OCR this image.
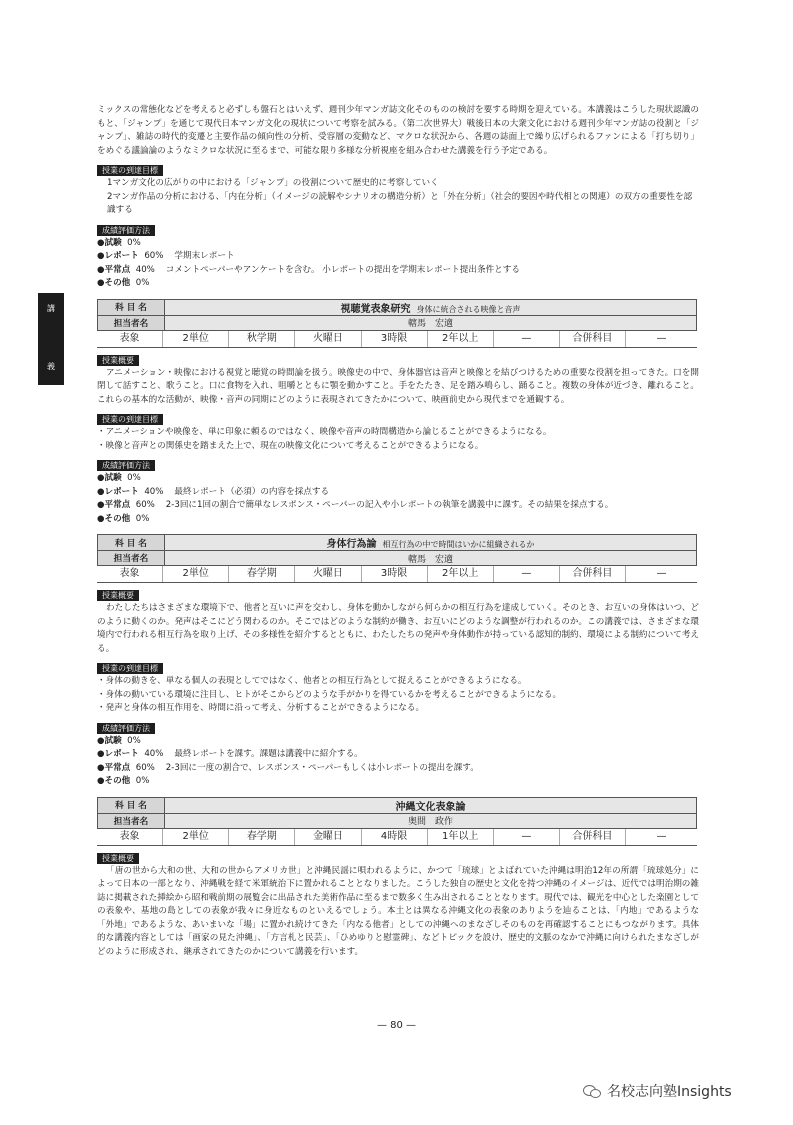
講
義

ミックスの常態化などを考えると必ずしも盤石とはいえず、週刊少年マンガ誌文化そのものの検討を要する時期を迎えている。本講義はこうした現状認識のもと、「ジャンプ」を通じて現代日本マンガ文化の現状について考察を試みる。（第二次世界大）戦後日本の大衆文化における週刊少年マンガ誌の役割と「ジャンプ」、雑誌の時代的変遷と主要作品の傾向性の分析、受容層の変動など、マクロな状況から、各週の誌面上で繰り広げられるファンによる「打ち切り」をめぐる議論論のようなミクロな状況に至るまで、可能な限り多様な分析視座を組み合わせた講義を行う予定である。

授業の到達目標

1マンガ文化の広がりの中における「ジャンプ」の役割について歴史的に考察していく

2マンガ作品の分析における、「内在分析」（イメージの読解やシナリオの構造分析）と「外在分析」（社会的要因や時代相との関連）の双方の重要性を認識する

成績評価方法

●試験 0%

●レポート 60% 学期末レポート

●平常点 40% コメントペーパーやアンケートを含む。 小レポートの提出を学期末レポート提出条件とする

●その他 0%

科 目 名	視聴覚表象研究 身体に統合される映像と音声
担当者名	轄馬　宏適
表象	2単位	秋学期	火曜日	3時限	2年以上	—	合併科目	—
授業概要

アニメーション・映像における視覚と聴覚の時間論を扱う。映像史の中で、身体器官は音声と映像とを結びつけるための重要な役割を担ってきた。口を開閉して話すこと、歌うこと。口に食物を入れ、咀嚼とともに顎を動かすこと。手をたたき、足を踏み鳴らし、踊ること。複数の身体が近づき、離れること。これらの基本的な活動が、映像・音声の同期にどのように表現されてきたかについて、映画前史から現代までを通観する。

授業の到達目標

・アニメーションや映像を、単に印象に頼るのではなく、映像や音声の時間構造から論じることができるようになる。

・映像と音声との関係史を踏まえた上で、現在の映像文化について考えることができるようになる。

成績評価方法

●試験 0%

●レポート 40% 最終レポート（必須）の内容を採点する

●平常点 60% 2-3回に1回の割合で簡単なレスポンス・ペーパーの記入や小レポートの執筆を講義中に課す。その結果を採点する。

●その他 0%

科 目 名	身体行為論 相互行為の中で時間はいかに組織されるか
担当者名	轄馬　宏適
表象	2単位	春学期	火曜日	3時限	2年以上	—	合併科目	—
授業概要

わたしたちはさまざまな環境下で、他者と互いに声を交わし、身体を動かしながら何らかの相互行為を達成していく。そのとき、お互いの身体はいつ、どのように動くのか。発声はそこにどう関わるのか。そこではどのような制約が働き、お互いにどのような調整が行われるのか。この講義では、さまざまな環境内で行われる相互行為を取り上げ、その多様性を紹介するとともに、わたしたちの発声や身体動作が持っている認知的制約、環境による制約について考える。

授業の到達目標

・身体の動きを、単なる個人の表現としてではなく、他者との相互行為として捉えることができるようになる。

・身体の動いている環境に注目し、ヒトがそこからどのような手がかりを得ているかを考えることができるようになる。

・発声と身体の相互作用を、時間に沿って考え、分析することができるようになる。

成績評価方法

●試験 0%

●レポート 40% 最終レポートを課す。課題は講義中に紹介する。

●平常点 60% 2-3回に一度の割合で、レスポンス・ペーパーもしくは小レポートの提出を課す。

●その他 0%

科 目 名	沖縄文化表象論
担当者名	奥間　政作
表象	2単位	春学期	金曜日	4時限	1年以上	—	合併科目	—
授業概要

「唐の世から大和の世、大和の世からアメリカ世」と沖縄民謡に唄われるように、かつて「琉球」とよばれていた沖縄は明治12年の所謂「琉球処分」によって日本の一部となり、沖縄戦を経て米軍統治下に置かれることとなりました。こうした独自の歴史と文化を持つ沖縄のイメージは、近代では明治期の雑誌に掲載された挿絵から昭和戦前期の展覧会に出品された美術作品に至るまで数多く生み出されることとなります。現代では、観光を中心とした楽園としての表象や、基地の島としての表象が我々に身近なものといえるでしょう。本土とは異なる沖縄文化の表象のありようを辿ることは、「内地」であるような「外地」であるような、あいまいな「場」に置かれ続けてきた「内なる他者」としての沖縄へのまなざしそのものを再確認することにもつながります。具体的な講義内容としては「画家の見た沖縄」、「方言札と民芸」、「ひめゆりと慰霊碑」、などトピックを設け、歴史的文脈のなかで沖縄に向けられたまなざしがどのように形成され、継承されてきたのかについて講義を行います。

— 80 —
名校志向塾Insights
